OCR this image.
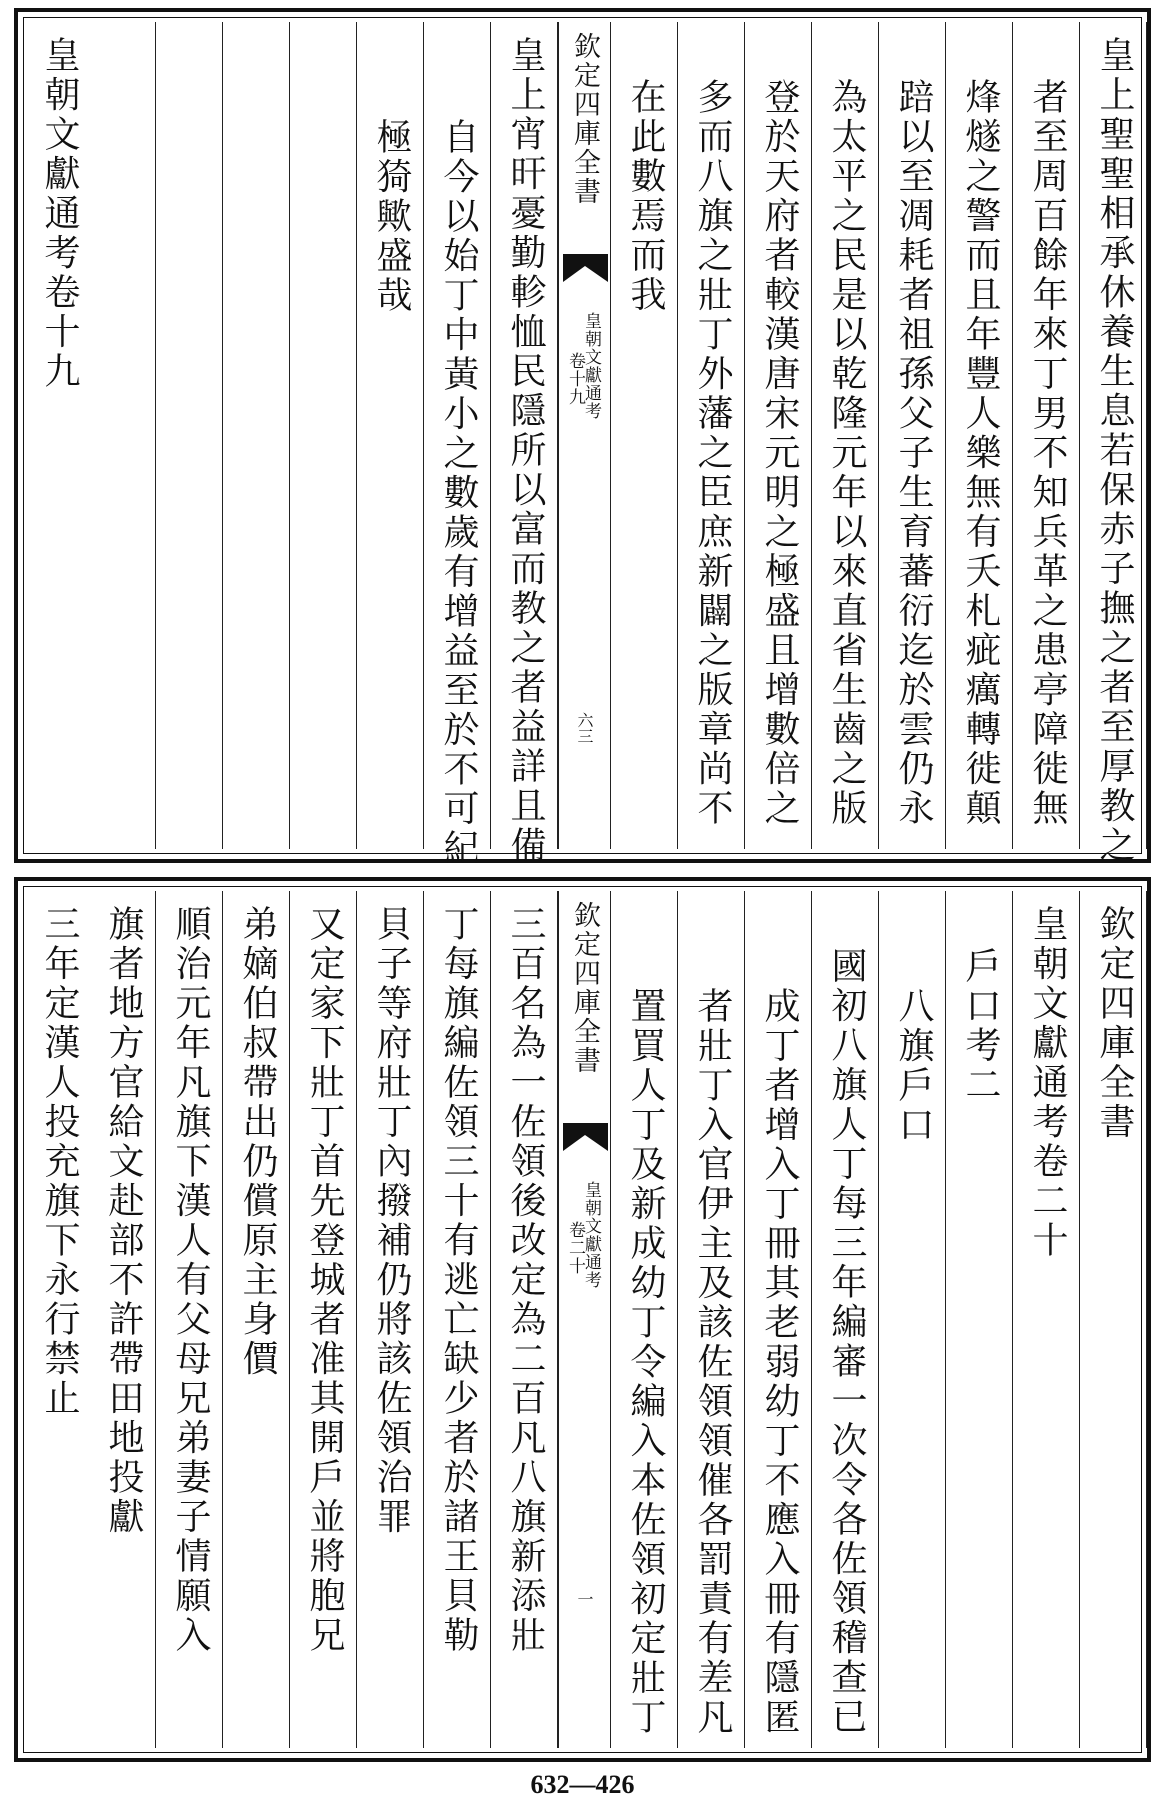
皇上聖聖相承休養生息若保赤子撫之者至厚教之
者至周百餘年來丁男不知兵革之患亭障徙無
烽燧之警而且年豐人樂無有夭札疵癘轉徙顛
踣以至凋耗者祖孫父子生育蕃衍迄於雲仍永
為太平之民是以乾隆元年以來直省生齒之版
登於天府者較漢唐宋元明之極盛且增數倍之
多而八旗之壯丁外藩之臣庶新闢之版章尚不
在此數焉而我
欽定四庫全書
皇朝文獻通考
卷十九
六三
皇上宵旰憂勤軫恤民隱所以富而教之者益詳且備
自今以始丁中黃小之數歲有增益至於不可紀
極猗歟盛哉
皇朝文獻通考卷十九
欽定四庫全書
皇朝文獻通考卷二十
戶口考二
八旗戶口
國初八旗人丁每三年編審一次令各佐領稽查已
成丁者增入丁冊其老弱幼丁不應入冊有隱匿
者壯丁入官伊主及該佐領領催各罰責有差凡
置買人丁及新成幼丁令編入本佐領初定壯丁
欽定四庫全書
皇朝文獻通考
卷二十
一
三百名為一佐領後改定為二百凡八旗新添壯
丁每旗編佐領三十有逃亡缺少者於諸王貝勒
貝子等府壯丁內撥補仍將該佐領治罪
又定家下壯丁首先登城者准其開戶並將胞兄
弟嫡伯叔帶出仍償原主身價
順治元年凡旗下漢人有父母兄弟妻子情願入
旗者地方官給文赴部不許帶田地投獻
三年定漢人投充旗下永行禁止
632—426
